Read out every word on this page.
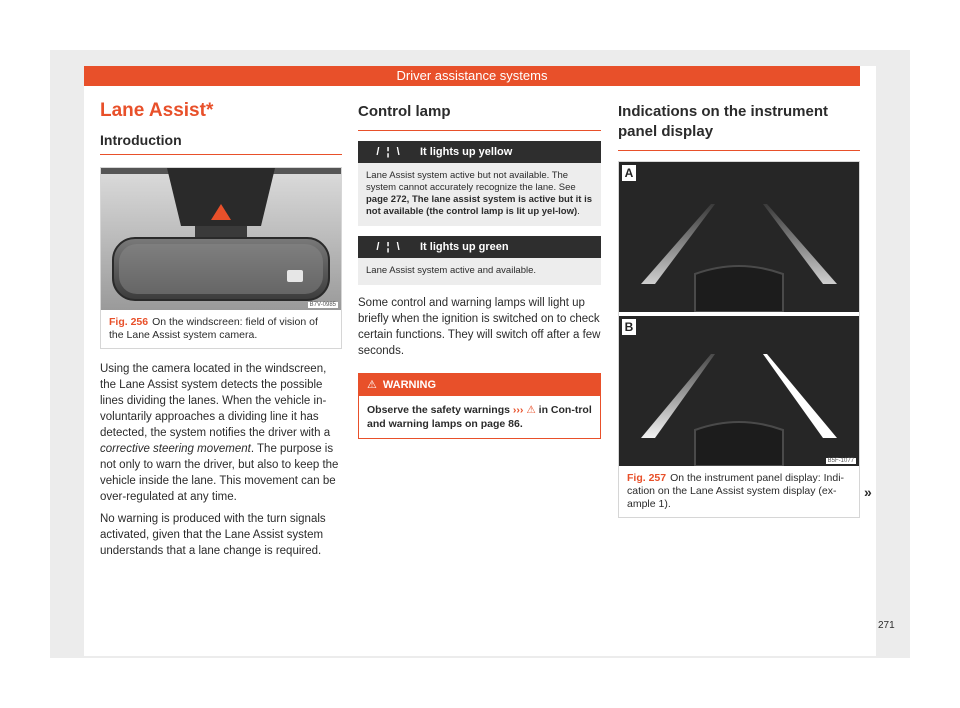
Driver assistance systems
Lane Assist*
Introduction
B7V-0985
Fig. 256 On the windscreen: field of vision of the Lane Assist system camera.
Using the camera located in the windscreen, the Lane Assist system detects the possible lines dividing the lanes. When the vehicle in-voluntarily approaches a dividing line it has detected, the system notifies the driver with a corrective steering movement. The purpose is not only to warn the driver, but also to keep the vehicle inside the lane. This movement can be over-regulated at any time.
No warning is produced with the turn signals activated, given that the Lane Assist system understands that a lane change is required.
Control lamp
/ ¦ \	It lights up yellow
Lane Assist system active but not available. The system cannot accurately recognize the lane. See page 272, The lane assist system is active but it is not available (the control lamp is lit up yel-low).
/ ¦ \	It lights up green
Lane Assist system active and available.
Some control and warning lamps will light up briefly when the ignition is switched on to check certain functions. They will switch off after a few seconds.
⚠ WARNING
Observe the safety warnings ››› ⚠ in Con-trol and warning lamps on page 86.
Indications on the instrument panel display
A
B
B5F-1077
Fig. 257 On the instrument panel display: Indi-cation on the Lane Assist system display (ex-ample 1).
»
271
